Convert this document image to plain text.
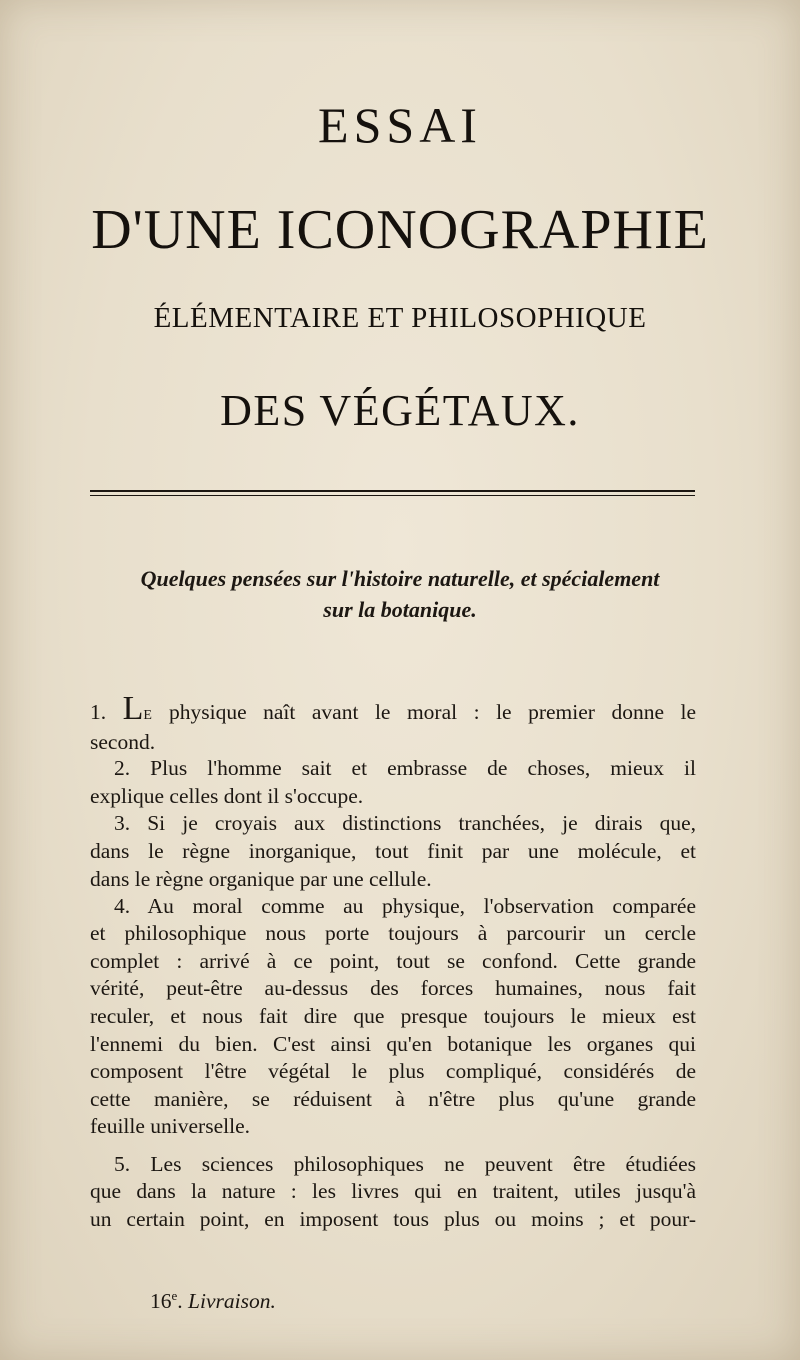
ESSAI
D'UNE ICONOGRAPHIE
ÉLÉMENTAIRE ET PHILOSOPHIQUE
DES VÉGÉTAUX.
Quelques pensées sur l'histoire naturelle, et spécialement
sur la botanique.
1. LE physique naît avant le moral : le premier donne le
second.
2. Plus l'homme sait et embrasse de choses, mieux il
explique celles dont il s'occupe.
3. Si je croyais aux distinctions tranchées, je dirais que,
dans le règne inorganique, tout finit par une molécule, et
dans le règne organique par une cellule.
4. Au moral comme au physique, l'observation comparée
et philosophique nous porte toujours à parcourir un cercle
complet : arrivé à ce point, tout se confond. Cette grande
vérité, peut-être au-dessus des forces humaines, nous fait
reculer, et nous fait dire que presque toujours le mieux est
l'ennemi du bien. C'est ainsi qu'en botanique les organes qui
composent l'être végétal le plus compliqué, considérés de
cette manière, se réduisent à n'être plus qu'une grande
feuille universelle.
5. Les sciences philosophiques ne peuvent être étudiées
que dans la nature : les livres qui en traitent, utiles jusqu'à
un certain point, en imposent tous plus ou moins ; et pour-
16e. Livraison.
